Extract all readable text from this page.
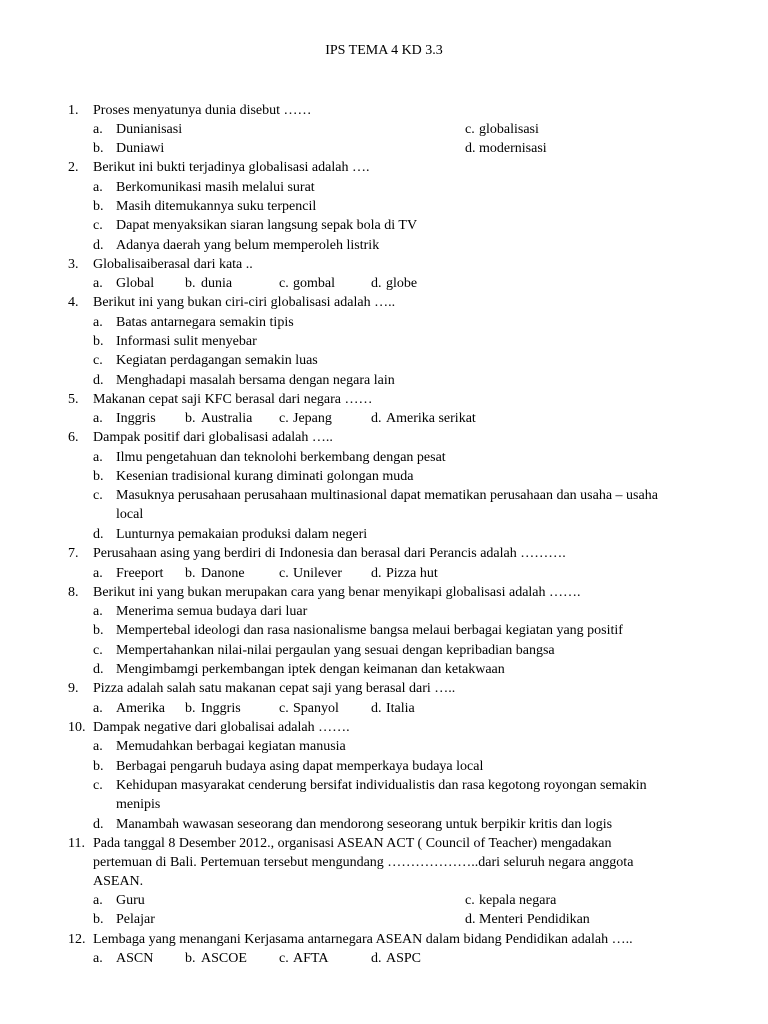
IPS TEMA 4 KD 3.3
1. Proses menyatunya dunia disebut ……
a. Dunianisasi	c. globalisasi
b. Duniawi	d. modernisasi
2. Berikut ini bukti terjadinya globalisasi adalah ….
a. Berkomunikasi masih melalui surat
b. Masih ditemukannya suku terpencil
c. Dapat menyaksikan siaran langsung sepak bola di TV
d. Adanya daerah yang belum memperoleh listrik
3. Globalisaiberasal dari kata ..
a. Global b. dunia	c. gombal	d. globe
4. Berikut ini yang bukan ciri-ciri globalisasi adalah …..
a. Batas antarnegara semakin tipis
b. Informasi sulit menyebar
c. Kegiatan perdagangan semakin luas
d. Menghadapi masalah bersama dengan negara lain
5. Makanan cepat saji KFC berasal dari negara ……
a. Inggris b. Australia c. Jepang	d. Amerika serikat
6. Dampak positif dari globalisasi adalah …..
a. Ilmu pengetahuan dan teknolohi berkembang dengan pesat
b. Kesenian tradisional kurang diminati golongan muda
c. Masuknya perusahaan perusahaan multinasional dapat mematikan perusahaan dan usaha – usaha
local
d. Lunturnya pemakaian produksi dalam negeri
7. Perusahaan asing yang berdiri di Indonesia dan berasal dari Perancis adalah ……….
a. Freeport b. Danone c. Unilever d. Pizza hut
8. Berikut ini yang bukan merupakan cara yang benar menyikapi globalisasi adalah …….
a. Menerima semua budaya dari luar
b. Mempertebal ideologi dan rasa nasionalisme bangsa melaui berbagai kegiatan yang positif
c. Mempertahankan nilai-nilai pergaulan yang sesuai dengan kepribadian bangsa
d. Mengimbamgi perkembangan iptek dengan keimanan dan ketakwaan
9. Pizza adalah salah satu makanan cepat saji yang berasal dari …..
a. Amerika b. Inggris	c. Spanyol d. Italia
10. Dampak negative dari globalisai adalah …….
a. Memudahkan berbagai kegiatan manusia
b. Berbagai pengaruh budaya asing dapat memperkaya budaya local
c. Kehidupan masyarakat cenderung bersifat individualistis dan rasa kegotong royongan semakin
menipis
d. Manambah wawasan seseorang dan mendorong seseorang untuk berpikir kritis dan logis
11. Pada tanggal 8 Desember 2012., organisasi ASEAN ACT ( Council of Teacher) mengadakan
pertemuan di Bali. Pertemuan tersebut mengundang ………………..dari seluruh negara anggota
ASEAN.
a. Guru	c. kepala negara
b. Pelajar	d. Menteri Pendidikan
12. Lembaga yang menangani Kerjasama antarnegara ASEAN dalam bidang Pendidikan adalah …..
a. ASCN b. ASCOE c. AFTA	d. ASPC
